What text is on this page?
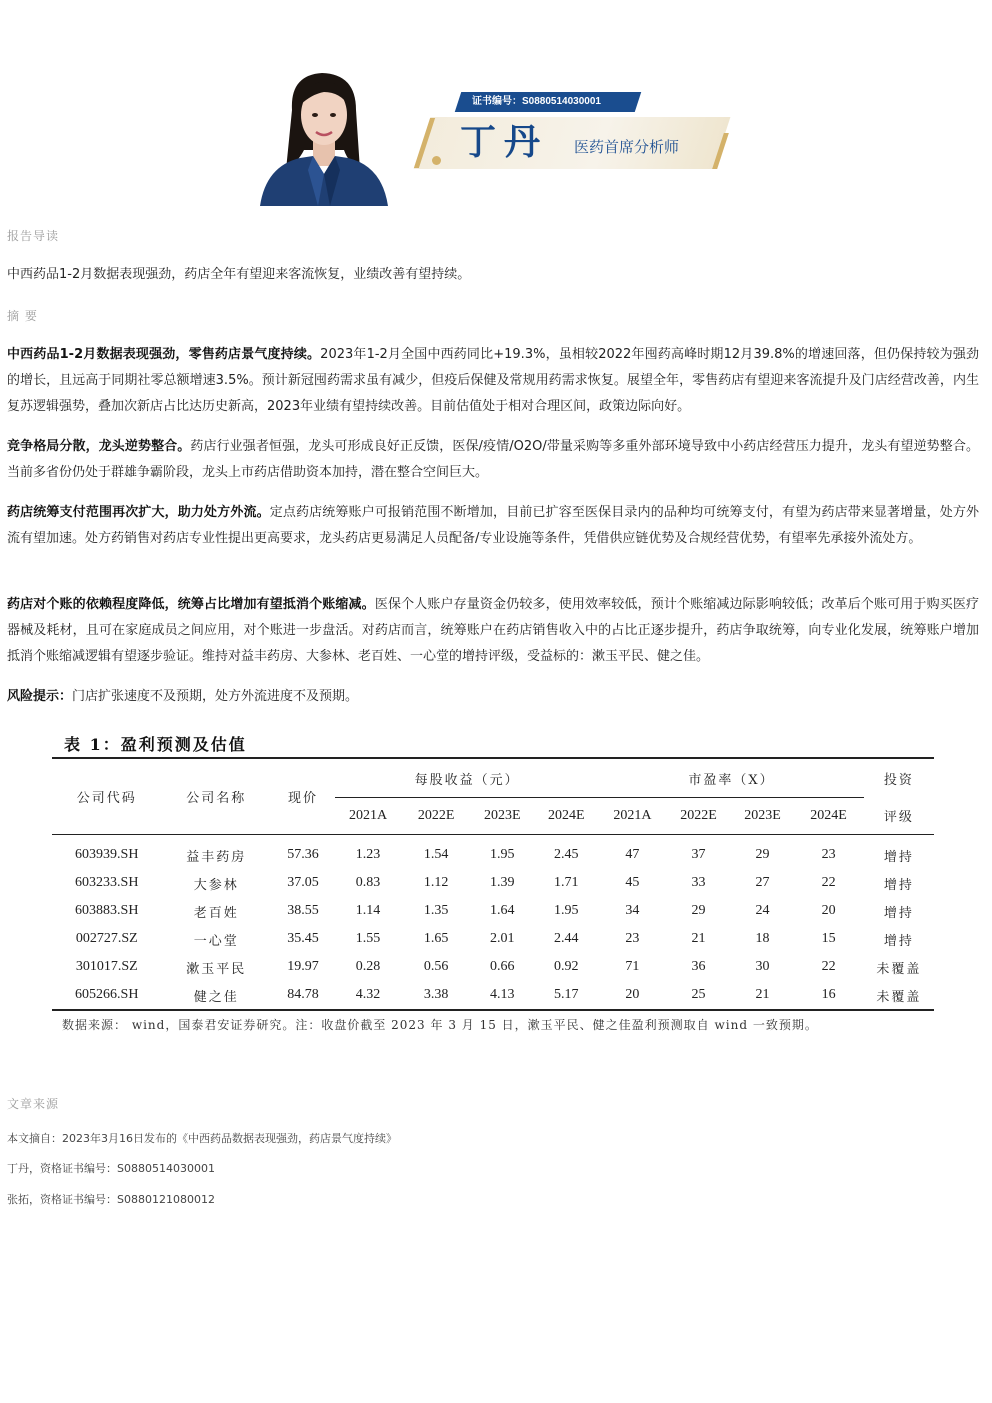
证书编号：S0880514030001
丁丹 医药首席分析师
报告导读

中西药品1-2月数据表现强劲，药店全年有望迎来客流恢复，业绩改善有望持续。

摘 要

中西药品1-2月数据表现强劲，零售药店景气度持续。2023年1-2月全国中西药同比+19.3%，虽相较2022年囤药高峰时期12月39.8%的增速回落，但仍保持较为强劲的增长，且远高于同期社零总额增速3.5%。预计新冠囤药需求虽有减少，但疫后保健及常规用药需求恢复。展望全年，零售药店有望迎来客流提升及门店经营改善，内生复苏逻辑强势，叠加次新店占比达历史新高，2023年业绩有望持续改善。目前估值处于相对合理区间，政策边际向好。

竞争格局分散，龙头逆势整合。药店行业强者恒强，龙头可形成良好正反馈，医保/疫情/O2O/带量采购等多重外部环境导致中小药店经营压力提升，龙头有望逆势整合。当前多省份仍处于群雄争霸阶段，龙头上市药店借助资本加持，潜在整合空间巨大。

药店统筹支付范围再次扩大，助力处方外流。定点药店统筹账户可报销范围不断增加，目前已扩容至医保目录内的品种均可统筹支付，有望为药店带来显著增量，处方外流有望加速。处方药销售对药店专业性提出更高要求，龙头药店更易满足人员配备/专业设施等条件，凭借供应链优势及合规经营优势，有望率先承接外流处方。

药店对个账的依赖程度降低，统筹占比增加有望抵消个账缩减。医保个人账户存量资金仍较多，使用效率较低，预计个账缩减边际影响较低；改革后个账可用于购买医疗器械及耗材，且可在家庭成员之间应用，对个账进一步盘活。对药店而言，统筹账户在药店销售收入中的占比正逐步提升，药店争取统筹，向专业化发展，统筹账户增加抵消个账缩减逻辑有望逐步验证。维持对益丰药房、大参林、老百姓、一心堂的增持评级，受益标的：漱玉平民、健之佳。

风险提示：门店扩张速度不及预期，处方外流进度不及预期。

表 1：盈利预测及估值
公司代码	公司名称	现价	每股收益（元）				市盈率（X）				投资
			2021A	2022E	2023E	2024E	2021A	2022E	2023E	2024E	评级

603939.SH	益丰药房	57.36	1.23	1.54	1.95	2.45	47	37	29	23	增持
603233.SH	大参林	37.05	0.83	1.12	1.39	1.71	45	33	27	22	增持
603883.SH	老百姓	38.55	1.14	1.35	1.64	1.95	34	29	24	20	增持
002727.SZ	一心堂	35.45	1.55	1.65	2.01	2.44	23	21	18	15	增持
301017.SZ	漱玉平民	19.97	0.28	0.56	0.66	0.92	71	36	30	22	未覆盖
605266.SH	健之佳	84.78	4.32	3.38	4.13	5.17	20	25	21	16	未覆盖
数据来源： wind，国泰君安证券研究。注：收盘价截至 2023 年 3 月 15 日，漱玉平民、健之佳盈利预测取自 wind 一致预期。
文章来源
本文摘自：2023年3月16日发布的《中西药品数据表现强劲，药店景气度持续》
丁丹，资格证书编号：S0880514030001
张拓，资格证书编号：S0880121080012
